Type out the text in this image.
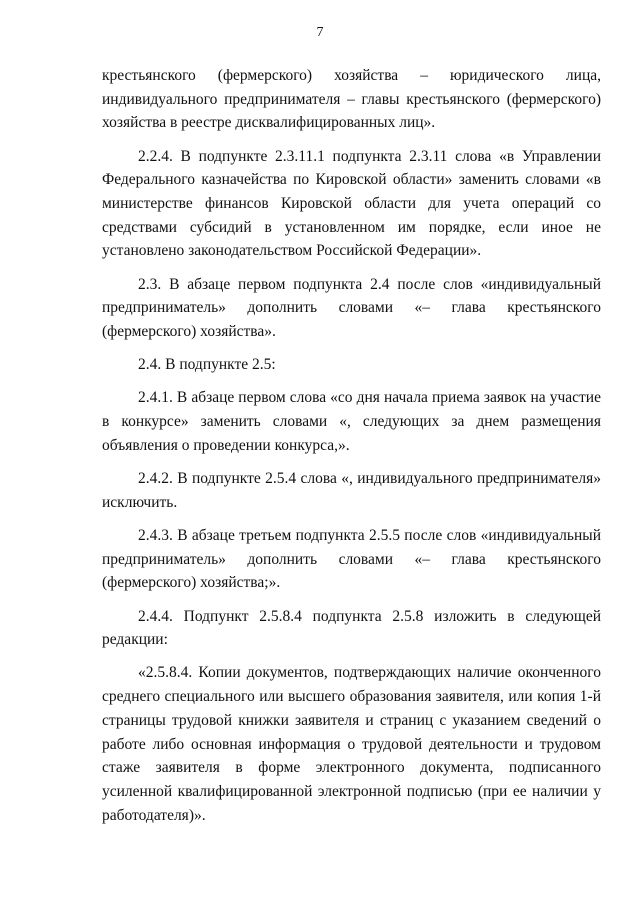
7

крестьянского (фермерского) хозяйства – юридического лица, индивидуального предпринимателя – главы крестьянского (фермерского) хозяйства в реестре дисквалифицированных лиц».

2.2.4. В подпункте 2.3.11.1 подпункта 2.3.11 слова «в Управлении Федерального казначейства по Кировской области» заменить словами «в министерстве финансов Кировской области для учета операций со средствами субсидий в установленном им порядке, если иное не установлено законодательством Российской Федерации».

2.3. В абзаце первом подпункта 2.4 после слов «индивидуальный предприниматель» дополнить словами «– глава крестьянского (фермерского) хозяйства».

2.4. В подпункте 2.5:

2.4.1. В абзаце первом слова «со дня начала приема заявок на участие в конкурсе» заменить словами «, следующих за днем размещения объявления о проведении конкурса,».

2.4.2. В подпункте 2.5.4 слова «, индивидуального предпринимателя» исключить.

2.4.3. В абзаце третьем подпункта 2.5.5 после слов «индивидуальный предприниматель» дополнить словами «– глава крестьянского (фермерского) хозяйства;».

2.4.4. Подпункт 2.5.8.4 подпункта 2.5.8 изложить в следующей редакции:

«2.5.8.4. Копии документов, подтверждающих наличие оконченного среднего специального или высшего образования заявителя, или копия 1-й страницы трудовой книжки заявителя и страниц с указанием сведений о работе либо основная информация о трудовой деятельности и трудовом стаже заявителя в форме электронного документа, подписанного усиленной квалифицированной электронной подписью (при ее наличии у работодателя)».
